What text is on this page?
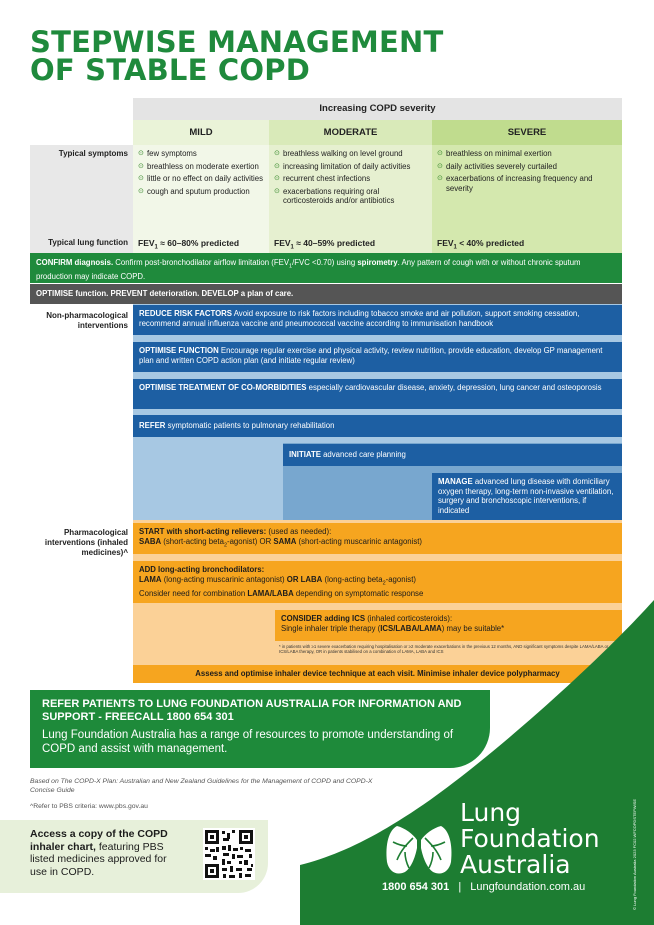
STEPWISE MANAGEMENT
OF STABLE COPD
Increasing COPD severity
MILD	MODERATE	SEVERE
Typical symptoms
⊙	few symptoms
⊙ breathless on moderate exertion
⊙ little or no effect on daily activities
⊙ cough and sputum production
⊙ breathless walking on level ground
⊙ increasing limitation of daily activities
⊙ recurrent chest infections
⊙ exacerbations requiring oral corticosteroids and/or antibiotics
⊙ breathless on minimal exertion
⊙ daily activities severely curtailed
⊙ exacerbations of increasing frequency and severity
Typical lung function	$FEV_1 \approx 60-80\%$ predicted	$FEV_1 \approx 40-59\%$ predicted	$FEV_1 < 40\%$ predicted
CONFIRM diagnosis. Confirm post-bronchodilator airflow limitation ($FEV_1$/FVC <0.70) using spirometry. Any pattern of cough with or without chronic sputum production may indicate COPD.
OPTIMISE function. PREVENT deterioration. DEVELOP a plan of care.
Non-pharmacological interventions
REDUCE RISK FACTORS Avoid exposure to risk factors including tobacco smoke and air pollution, support smoking cessation, recommend annual influenza vaccine and pneumococcal vaccine according to immunisation handbook
OPTIMISE FUNCTION Encourage regular exercise and physical activity, review nutrition, provide education, develop GP management plan and written COPD action plan (and initiate regular review)
OPTIMISE TREATMENT OF CO-MORBIDITIES especially cardiovascular disease, anxiety, depression, lung cancer and osteoporosis
REFER symptomatic patients to pulmonary rehabilitation
INITIATE advanced care planning
MANAGE advanced lung disease with domiciliary oxygen therapy, long-term non-invasive ventilation, surgery and bronchoscopic interventions, if indicated
Pharmacological interventions (inhaled medicines)^
START with short-acting relievers: (used as needed):
SABA (short-acting beta$_2$-agonist) OR SAMA (short-acting muscarinic antagonist)
ADD long-acting bronchodilators:
LAMA (long-acting muscarinic antagonist) OR LABA (long-acting beta$_2$-agonist)
Consider need for combination LAMA/LABA depending on symptomatic response
CONSIDER adding ICS (inhaled corticosteroids):
Single inhaler triple therapy (ICS/LABA/LAMA) may be suitable*
* in patients with ≥1 severe exacerbation requiring hospitalisation or ≥2 moderate exacerbations in the previous 12 months, AND significant symptoms despite LAMA/LABA or ICS/LABA therapy, OR in patients stabilised on a combination of LAMA, LABA and ICS
Assess and optimise inhaler device technique at each visit. Minimise inhaler device polypharmacy
REFER PATIENTS TO LUNG FOUNDATION AUSTRALIA FOR INFORMATION AND SUPPORT - FREECALL 1800 654 301
Lung Foundation Australia has a range of resources to promote understanding of COPD and assist with management.
Based on The COPD-X Plan: Australian and New Zealand Guidelines for the Management of COPD and COPD-X Concise Guide
^Refer to PBS criteria: www.pbs.gov.au
Access a copy of the COPD inhaler chart, featuring PBS listed medicines approved for use in COPD.
Lung
Foundation
Australia
1800 654 301 | Lungfoundation.com.au	© Lung Foundation Australia 2023 FC02.WFCOPDSTEPWISE
